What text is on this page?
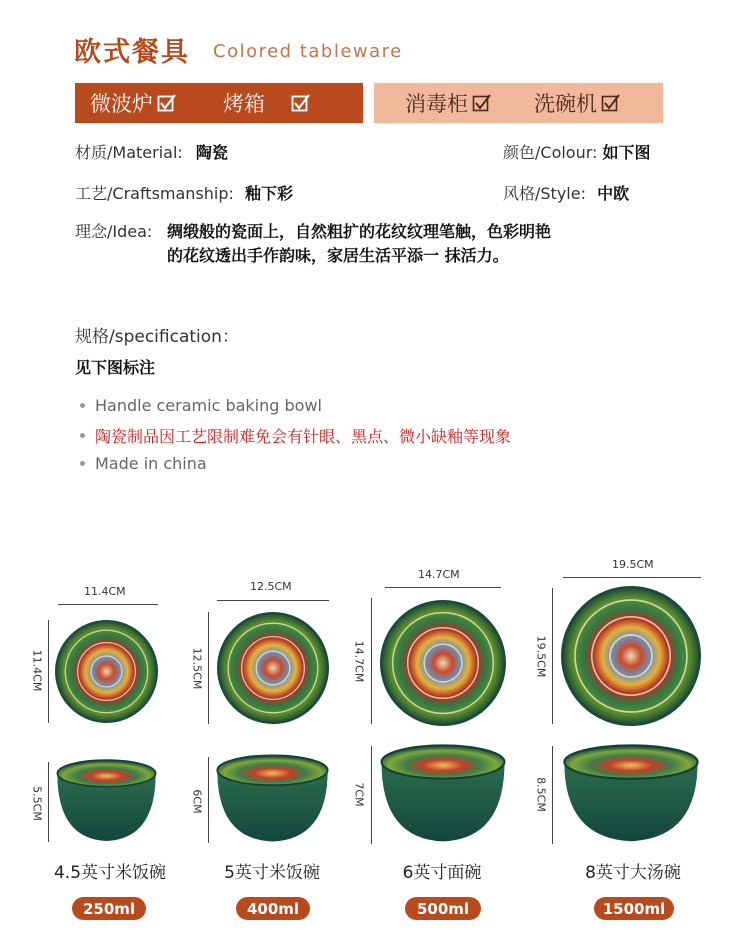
欧式餐具 Colored tableware
微波炉	烤箱	消毒柜	洗碗机
材质/Material: 陶瓷	颜色/Colour: 如下图
工艺/Craftsmanship: 釉下彩	风格/Style: 中欧
理念/Idea: 绸缎般的瓷面上，自然粗扩的花纹纹理笔触，色彩明艳
的花纹透出手作韵味，家居生活平添一 抹活力。
规格/specification：
见下图标注
Handle ceramic baking bowl
陶瓷制品因工艺限制难免会有针眼、黑点、微小缺釉等现象
Made in china
11.4CM
11.4CM
5.5CM
4.5英寸米饭碗
250ml
12.5CM
12.5CM
6CM
5英寸米饭碗
400ml
14.7CM
14.7CM
7CM
6英寸面碗
500ml
19.5CM
19.5CM
8.5CM
8英寸大汤碗
1500ml
